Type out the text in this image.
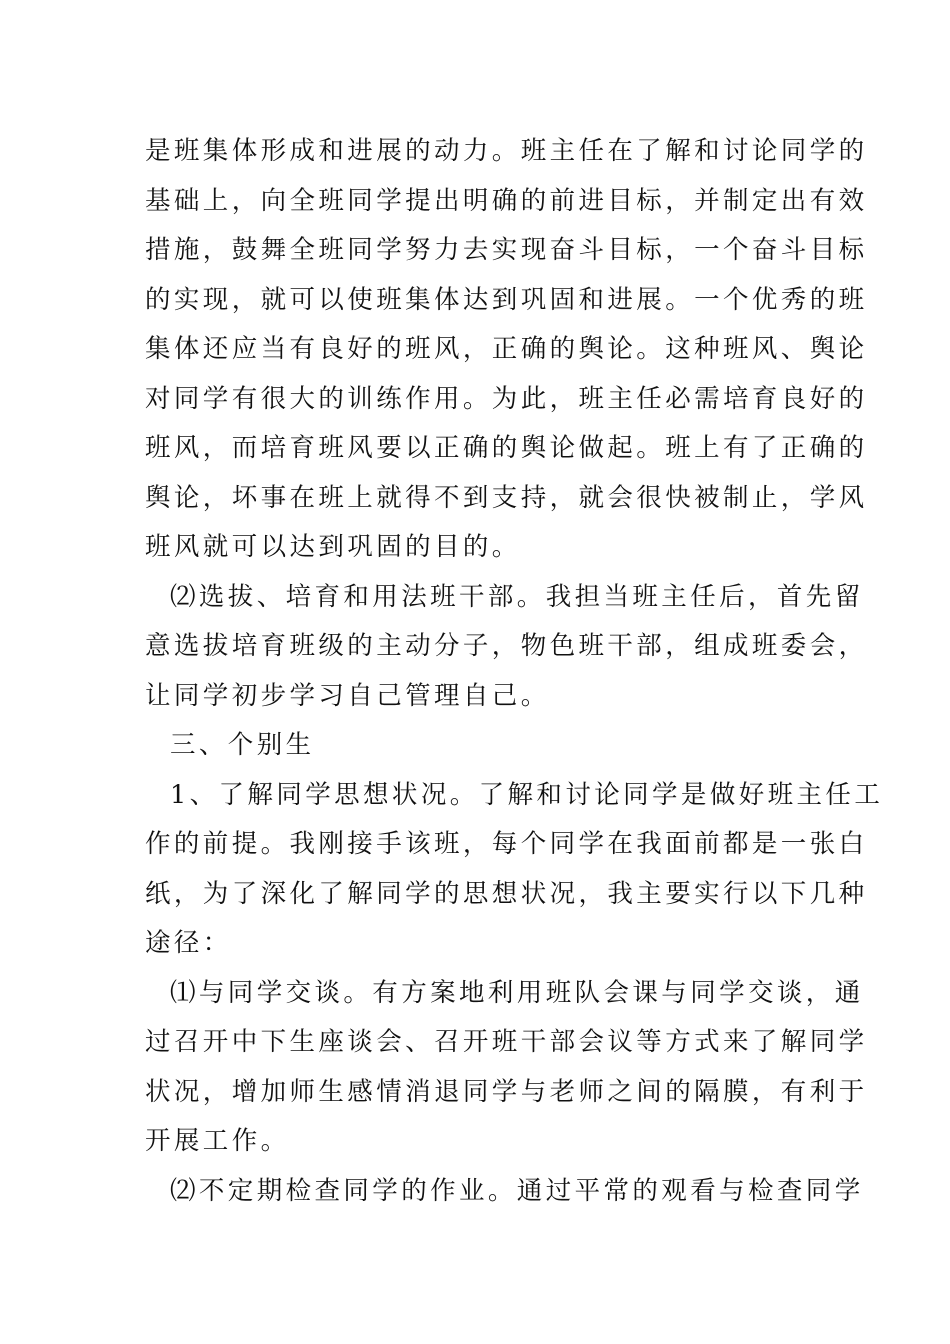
是班集体形成和进展的动力。班主任在了解和讨论同学的
基础上，向全班同学提出明确的前进目标，并制定出有效
措施，鼓舞全班同学努力去实现奋斗目标，一个奋斗目标
的实现，就可以使班集体达到巩固和进展。一个优秀的班
集体还应当有良好的班风，正确的舆论。这种班风、舆论
对同学有很大的训练作用。为此，班主任必需培育良好的
班风，而培育班风要以正确的舆论做起。班上有了正确的
舆论，坏事在班上就得不到支持，就会很快被制止，学风
班风就可以达到巩固的目的。
⑵选拔、培育和用法班干部。我担当班主任后，首先留
意选拔培育班级的主动分子，物色班干部，组成班委会，
让同学初步学习自己管理自己。
三、个别生
1、了解同学思想状况。了解和讨论同学是做好班主任工
作的前提。我刚接手该班，每个同学在我面前都是一张白
纸，为了深化了解同学的思想状况，我主要实行以下几种
途径：
⑴与同学交谈。有方案地利用班队会课与同学交谈，通
过召开中下生座谈会、召开班干部会议等方式来了解同学
状况，增加师生感情消退同学与老师之间的隔膜，有利于
开展工作。
⑵不定期检查同学的作业。通过平常的观看与检查同学
